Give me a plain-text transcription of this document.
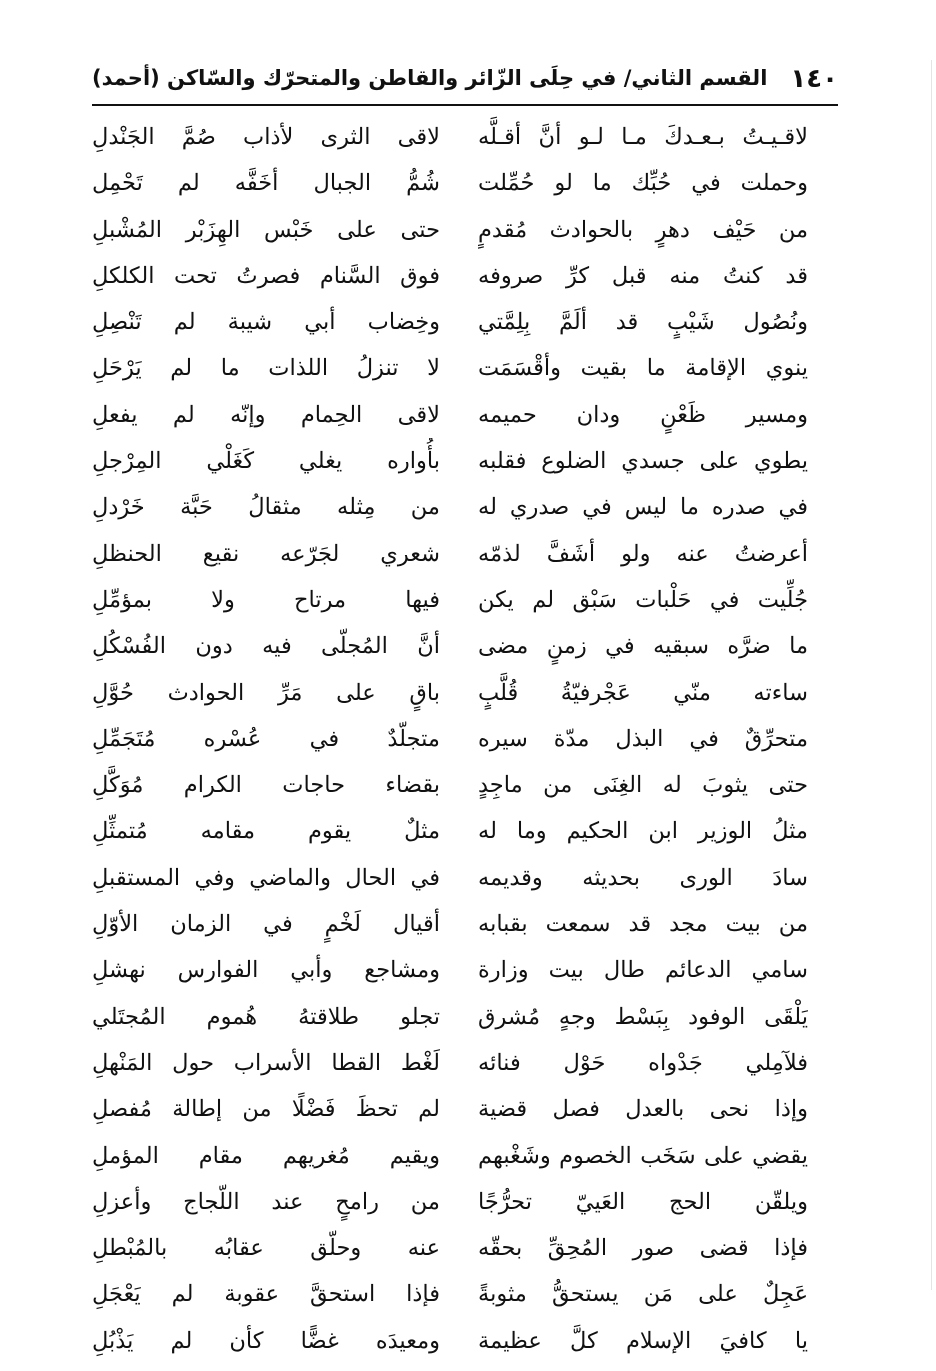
١٤٠
القسم الثاني/ في حِلَى الزّائر والقاطن والمتحرّك والسّاكن (أحمد)
لاقـيـتُ بـعـدكَ مـا لـو أنَّ أقـلَّه
لاقى الثرى لأذاب صُمَّ الجَنْدلِ
وحملت في حُبِّك ما لو حُمِّلت
شُمُّ الجبال أخَفَّه لم تَحْمِل
من حَيْف دهرٍ بالحوادث مُقدمٍ
حتى على خَبْس الهِزَبْر المُشْبلِ
قد كنتُ منه قبل كرِّ صروفه
فوق السَّنام فصرتُ تحت الكلكلِ
ونُصُول شَيْبٍ قد ألَمَّ بِلِمَّتي
وخِضاب أبي شيبة لم تَنْصِلِ
ينوي الإقامة ما بقيت وأقْسَمَت
لا تنزلُ اللذات ما لم يَرْحَلِ
ومسير ظَعْنٍ ودان حميمه
لاقى الحِمام وإنّه لم يفعلِ
يطوي على جسدي الضلوع فقلبه
بأُواره يغلي كَغَلْي المِرْجلِ
في صدره ما ليس في صدري له
من مِثله مثقالُ حَبَّة خَرْدلِ
أعرضتُ عنه ولو أشَفَّ لذمّه
شعري لجَرّعه نقيع الحنظلِ
جُلِّيت في حَلْبات سَبْق لم يكن
فيها مرتاح ولا بمؤمِّلِ
ما ضرَّه سبقيه في زمنٍ مضى
أنَّ المُجلّى فيه دون الفُسْكُلِ
ساءته منّي عَجْرفيّةُ قُلَّبٍ
باقٍ على مَرِّ الحوادث حُوَّلِ
متحرِّقٌ في البذل مدّة سيره
متجلّدٌ في عُسْره مُتَجَمِّلِ
حتى يثوبَ له الغِنَى من ماجِدٍ
بقضاء حاجات الكرام مُوَكَّلِ
مثلُ الوزير ابن الحكيم وما له
مثلٌ يقوم مقامه مُتمثِّلِ
سادَ الورى بحديثه وقديمه
في الحال والماضي وفي المستقبلِ
من بيت مجد قد سمعت بقبابه
أقيال لَخْمٍ في الزمان الأوّلِ
سامي الدعائم طال بيت وزارة
ومشاجع وأبي الفوارس نهشلِ
يَلْقَى الوفود بِبَسْط وجهٍ مُشرق
تجلو طلاقتهُ هُموم المُجتَلي
فلآمِلي جَدْواه حَوْل فنائه
لَغْط القطا الأسراب حول المَنْهلِ
وإذا نحى بالعدل فصل قضية
لم تحظَ فَضْلًا من إطالة مُفصلِ
يقضي على سَخَب الخصوم وشَغْبهم
ويقيم مُغريهم مقام المؤملِ
ويلقّن الحج العَييّ تحرُّجًا
من رامحٍ عند اللّجاج وأعزلِ
فإذا قضى صور المُحِقِّ بحقّه
عنه وحلّق عقابُه بالمُبْطلِ
عَجِلٌ على مَن يستحقُّ مثوبةً
فإذا استحقَّ عقوبة لم يَعْجَلِ
يا كافيَ الإسلام كلَّ عظيمة
ومعيدَه غضًّا كأن لم يَذْبُلِ
